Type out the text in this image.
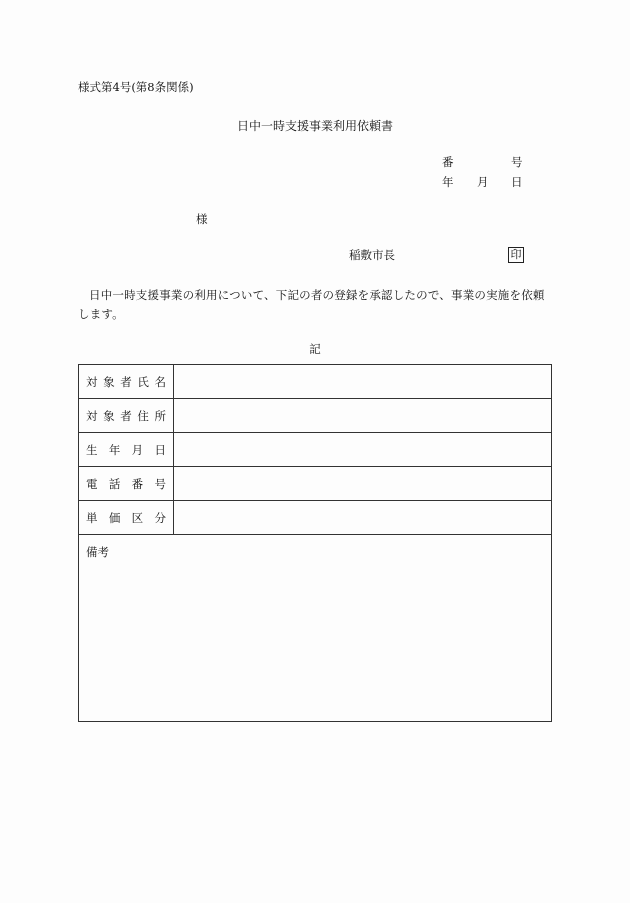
様式第4号(第8条関係)
日中一時支援事業利用依頼書
番	号
年 月 日
様
稲敷市長	印
日中一時支援事業の利用について、下記の者の登録を承認したので、事業の実施を依頼します。
記
対 象 者 氏 名
対 象 者 住 所
生 年 月 日
電 話 番 号
単 価 区 分
備考
